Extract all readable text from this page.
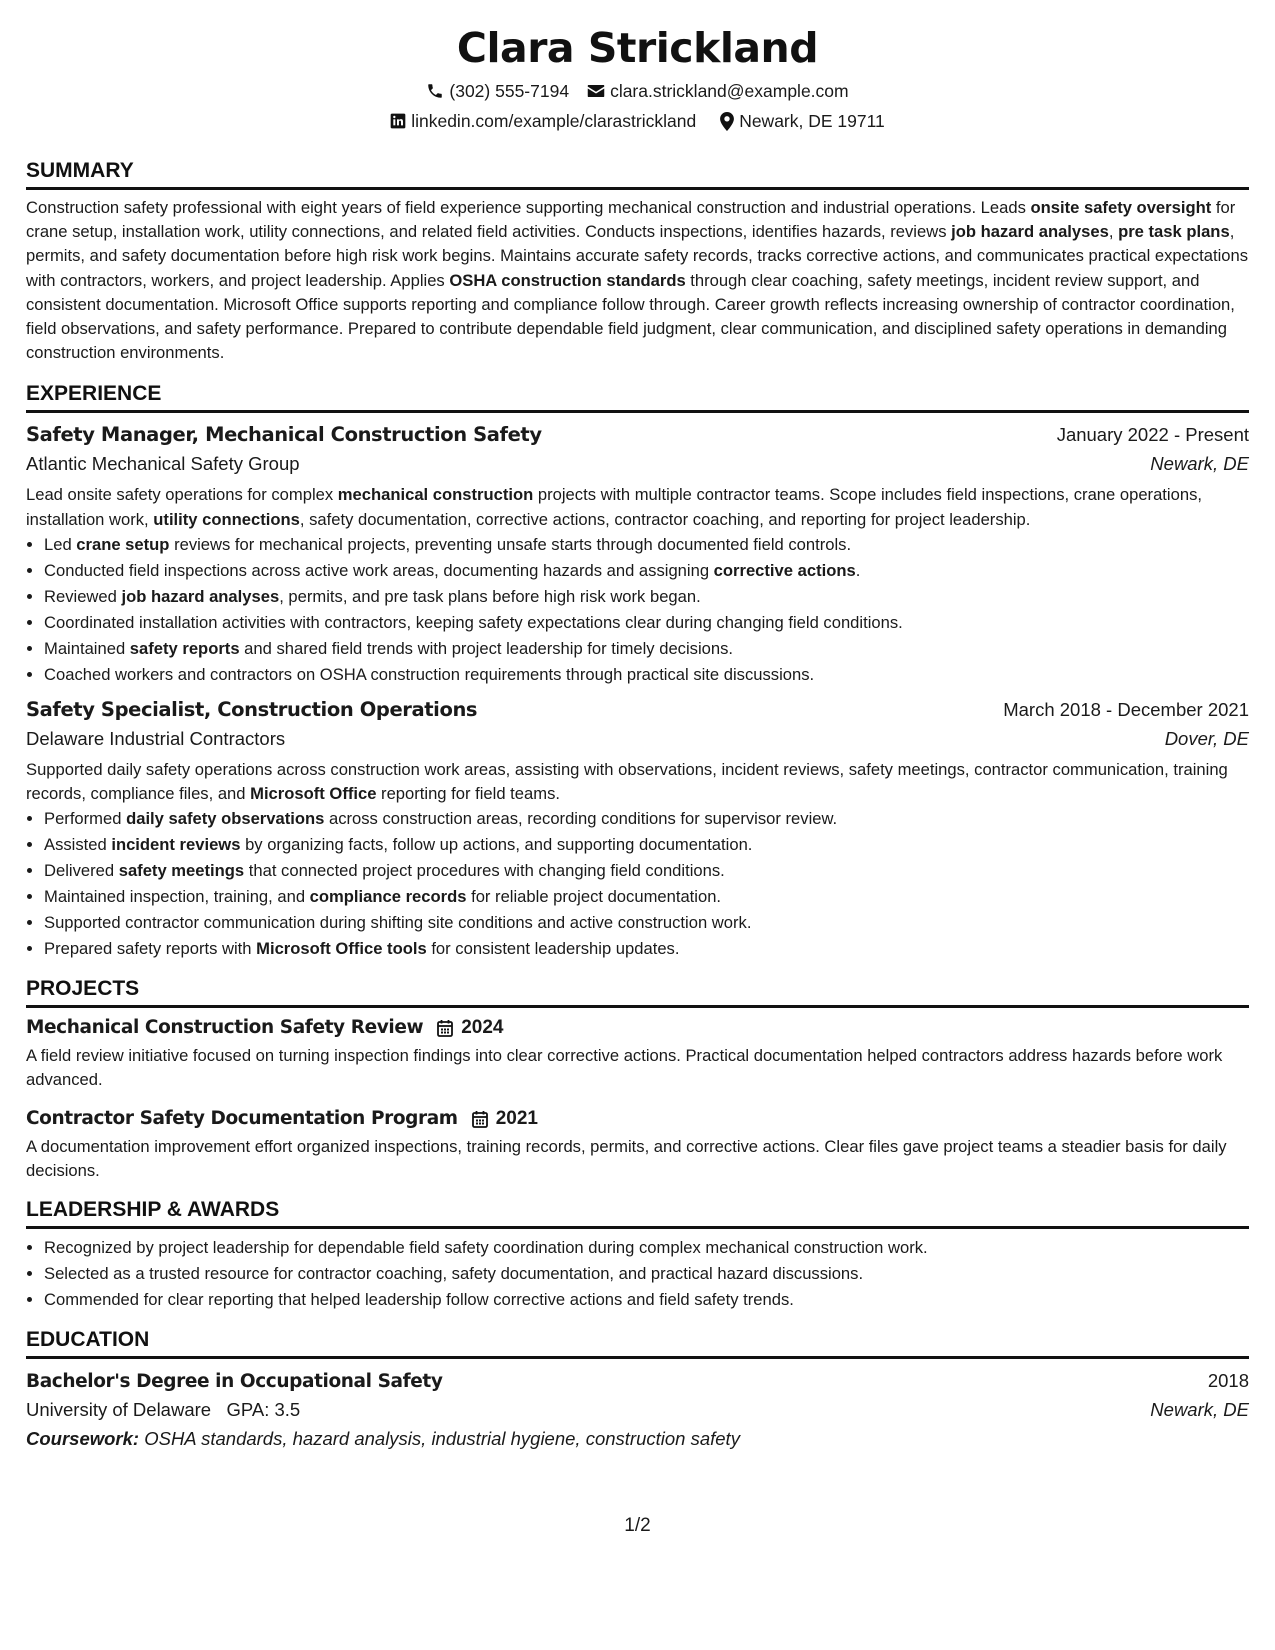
Clara Strickland
(302) 555-7194 clara.strickland@example.com
linkedin.com/example/clarastrickland Newark, DE 19711
SUMMARY
Construction safety professional with eight years of field experience supporting mechanical construction and industrial operations. Leads onsite safety oversight for crane setup, installation work, utility connections, and related field activities. Conducts inspections, identifies hazards, reviews job hazard analyses, pre task plans, permits, and safety documentation before high risk work begins. Maintains accurate safety records, tracks corrective actions, and communicates practical expectations with contractors, workers, and project leadership. Applies OSHA construction standards through clear coaching, safety meetings, incident review support, and consistent documentation. Microsoft Office supports reporting and compliance follow through. Career growth reflects increasing ownership of contractor coordination, field observations, and safety performance. Prepared to contribute dependable field judgment, clear communication, and disciplined safety operations in demanding construction environments.
EXPERIENCE
Safety Manager, Mechanical Construction Safety	January 2022 - Present
Atlantic Mechanical Safety Group	Newark, DE
Lead onsite safety operations for complex mechanical construction projects with multiple contractor teams. Scope includes field inspections, crane operations, installation work, utility connections, safety documentation, corrective actions, contractor coaching, and reporting for project leadership.
• Led crane setup reviews for mechanical projects, preventing unsafe starts through documented field controls.
• Conducted field inspections across active work areas, documenting hazards and assigning corrective actions.
• Reviewed job hazard analyses, permits, and pre task plans before high risk work began.
• Coordinated installation activities with contractors, keeping safety expectations clear during changing field conditions.
• Maintained safety reports and shared field trends with project leadership for timely decisions.
• Coached workers and contractors on OSHA construction requirements through practical site discussions.
Safety Specialist, Construction Operations	March 2018 - December 2021
Delaware Industrial Contractors	Dover, DE
Supported daily safety operations across construction work areas, assisting with observations, incident reviews, safety meetings, contractor communication, training records, compliance files, and Microsoft Office reporting for field teams.
• Performed daily safety observations across construction areas, recording conditions for supervisor review.
• Assisted incident reviews by organizing facts, follow up actions, and supporting documentation.
• Delivered safety meetings that connected project procedures with changing field conditions.
• Maintained inspection, training, and compliance records for reliable project documentation.
• Supported contractor communication during shifting site conditions and active construction work.
• Prepared safety reports with Microsoft Office tools for consistent leadership updates.
PROJECTS
Mechanical Construction Safety Review 2024
A field review initiative focused on turning inspection findings into clear corrective actions. Practical documentation helped contractors address hazards before work advanced.
Contractor Safety Documentation Program 2021
A documentation improvement effort organized inspections, training records, permits, and corrective actions. Clear files gave project teams a steadier basis for daily decisions.
LEADERSHIP & AWARDS
• Recognized by project leadership for dependable field safety coordination during complex mechanical construction work.
• Selected as a trusted resource for contractor coaching, safety documentation, and practical hazard discussions.
• Commended for clear reporting that helped leadership follow corrective actions and field safety trends.
EDUCATION
Bachelor's Degree in Occupational Safety	2018
University of Delaware GPA: 3.5	Newark, DE
Coursework: OSHA standards, hazard analysis, industrial hygiene, construction safety
1/2
